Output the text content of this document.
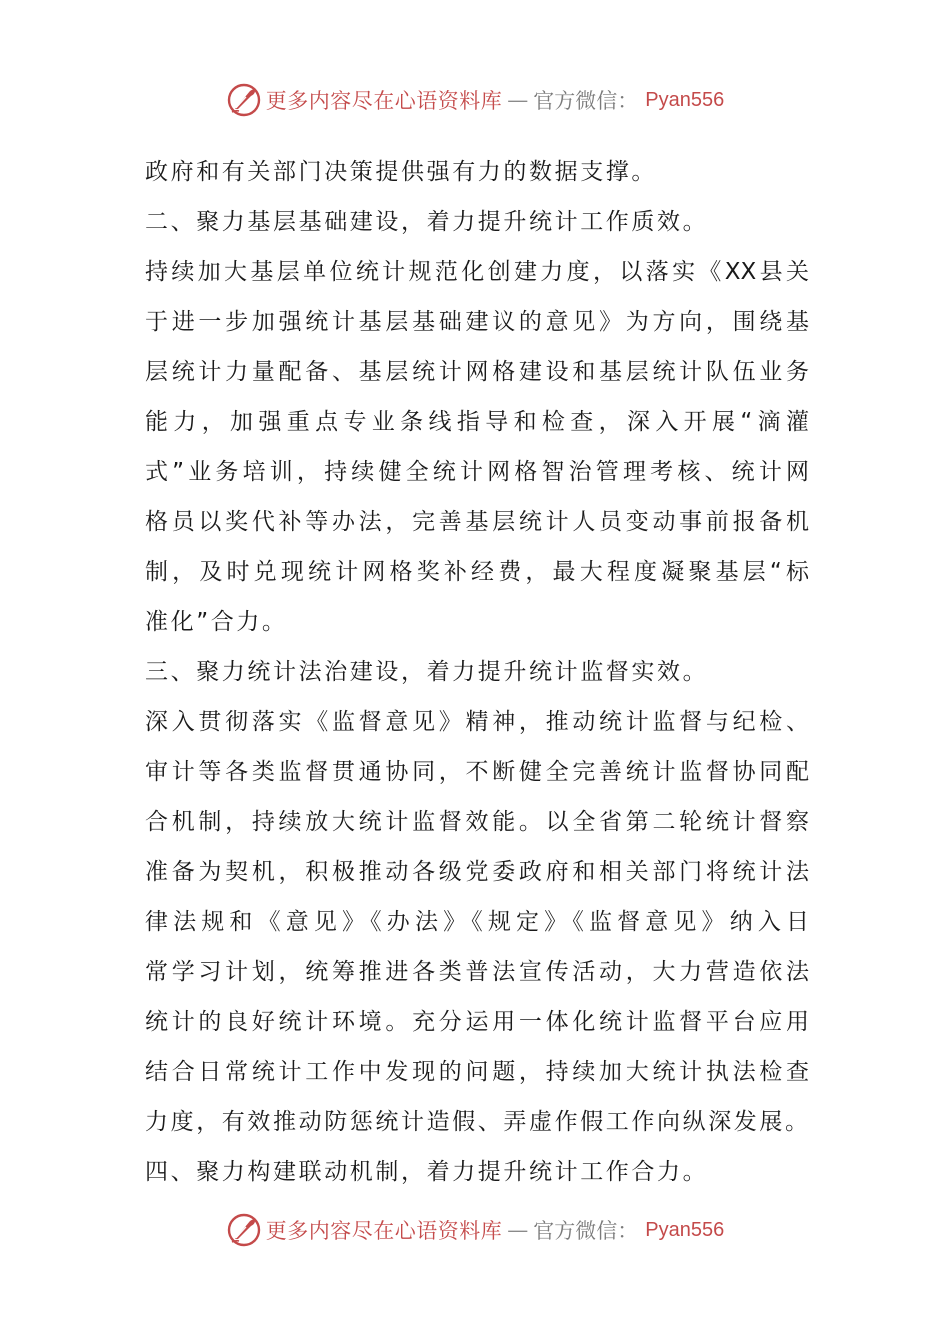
更多内容尽在心语资料库 — 官方微信： Pyan556
政府和有关部门决策提供强有力的数据支撑。
二、聚力基层基础建设，着力提升统计工作质效。
持续加大基层单位统计规范化创建力度，以落实《XX县关
于进一步加强统计基层基础建议的意见》为方向，围绕基
层统计力量配备、基层统计网格建设和基层统计队伍业务
能力，加强重点专业条线指导和检查，深入开展“滴灌
式”业务培训，持续健全统计网格智治管理考核、统计网
格员以奖代补等办法，完善基层统计人员变动事前报备机
制，及时兑现统计网格奖补经费，最大程度凝聚基层“标
准化”合力。
三、聚力统计法治建设，着力提升统计监督实效。
深入贯彻落实《监督意见》精神，推动统计监督与纪检、
审计等各类监督贯通协同，不断健全完善统计监督协同配
合机制，持续放大统计监督效能。以全省第二轮统计督察
准备为契机，积极推动各级党委政府和相关部门将统计法
律法规和《意见》《办法》《规定》《监督意见》纳入日
常学习计划，统筹推进各类普法宣传活动，大力营造依法
统计的良好统计环境。充分运用一体化统计监督平台应用
结合日常统计工作中发现的问题，持续加大统计执法检查
力度，有效推动防惩统计造假、弄虚作假工作向纵深发展。
四、聚力构建联动机制，着力提升统计工作合力。
更多内容尽在心语资料库 — 官方微信： Pyan556
